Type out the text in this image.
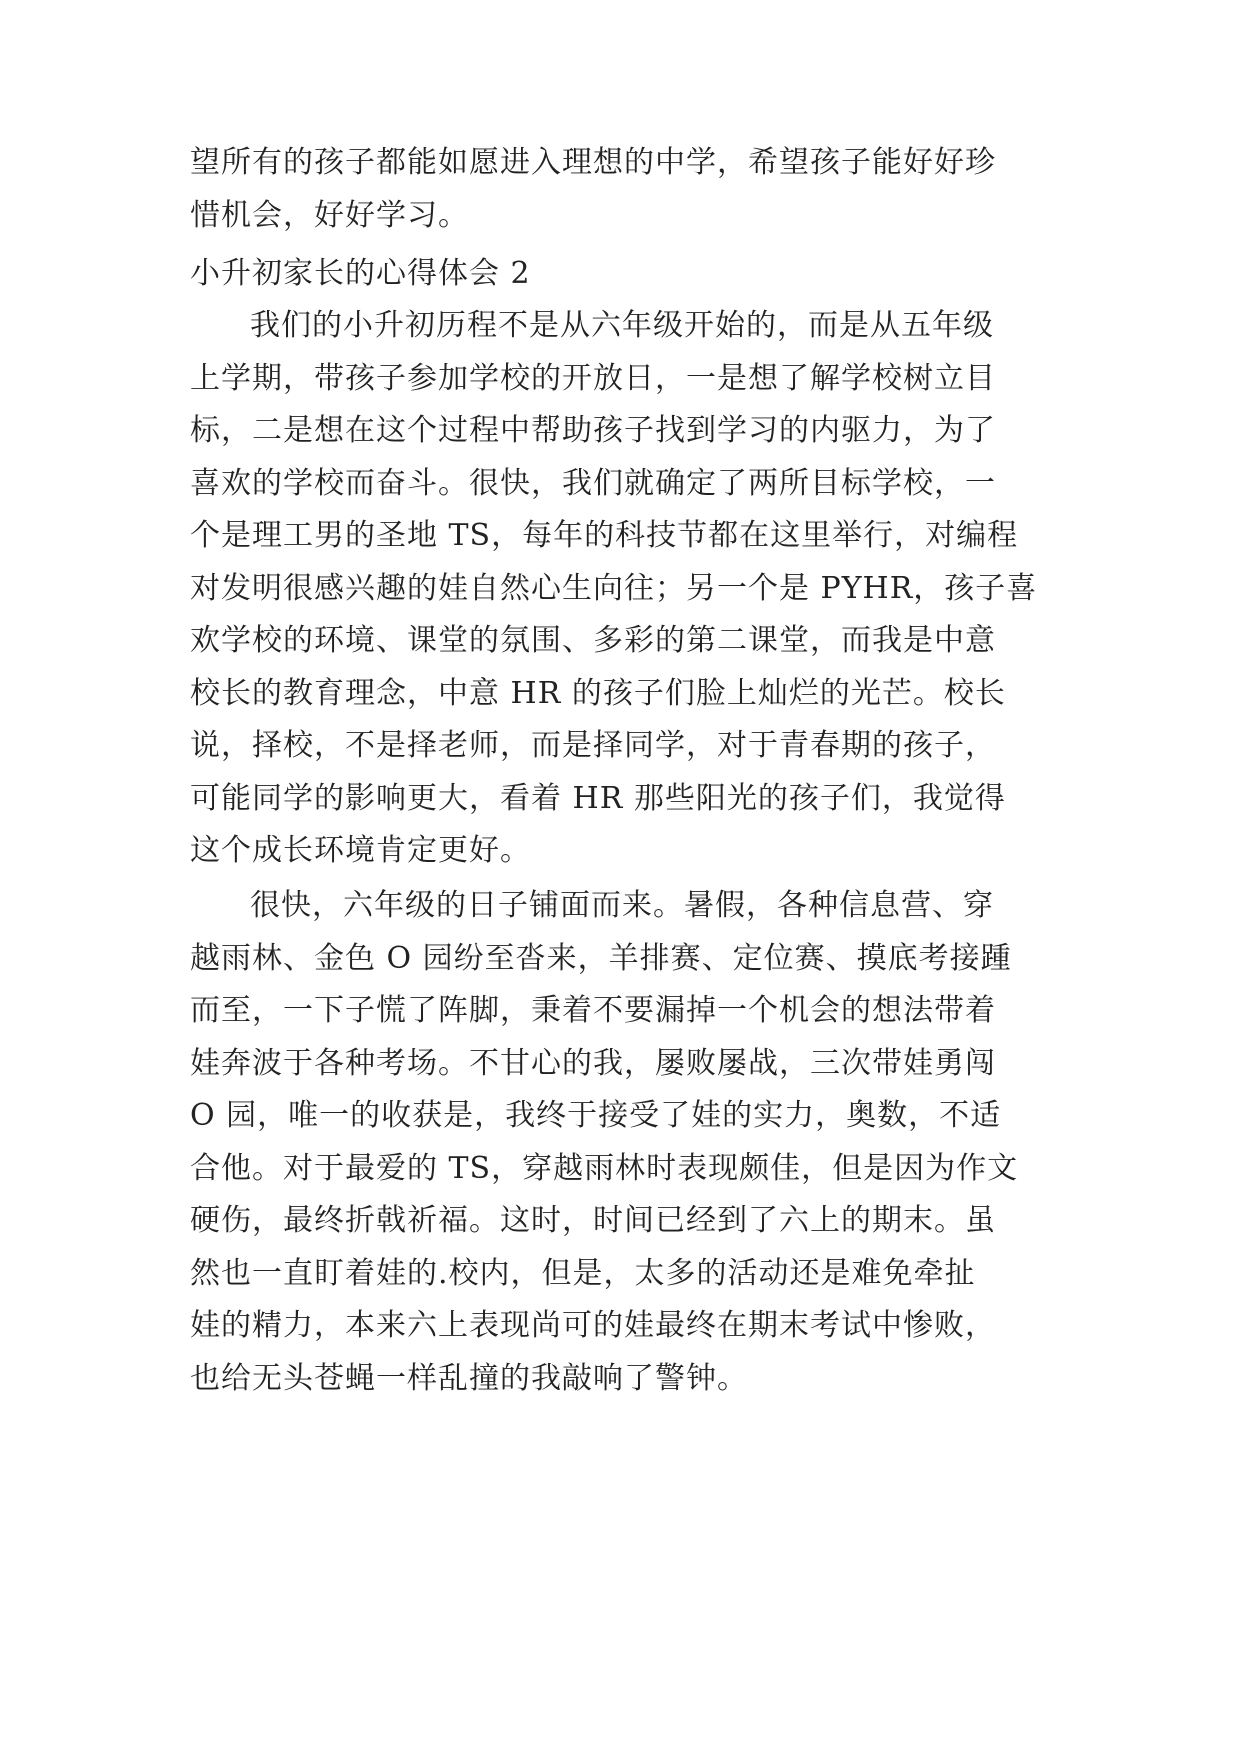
望所有的孩子都能如愿进入理想的中学，希望孩子能好好珍
惜机会，好好学习。
小升初家长的心得体会 2
我们的小升初历程不是从六年级开始的，而是从五年级
上学期，带孩子参加学校的开放日，一是想了解学校树立目
标，二是想在这个过程中帮助孩子找到学习的内驱力，为了
喜欢的学校而奋斗。很快，我们就确定了两所目标学校，一
个是理工男的圣地 TS，每年的科技节都在这里举行，对编程
对发明很感兴趣的娃自然心生向往；另一个是 PYHR，孩子喜
欢学校的环境、课堂的氛围、多彩的第二课堂，而我是中意
校长的教育理念，中意 HR 的孩子们脸上灿烂的光芒。校长
说，择校，不是择老师，而是择同学，对于青春期的孩子，
可能同学的影响更大，看着 HR 那些阳光的孩子们，我觉得
这个成长环境肯定更好。
很快，六年级的日子铺面而来。暑假，各种信息营、穿
越雨林、金色 O 园纷至沓来，羊排赛、定位赛、摸底考接踵
而至，一下子慌了阵脚，秉着不要漏掉一个机会的想法带着
娃奔波于各种考场。不甘心的我，屡败屡战，三次带娃勇闯
O 园，唯一的收获是，我终于接受了娃的实力，奥数，不适
合他。对于最爱的 TS，穿越雨林时表现颇佳，但是因为作文
硬伤，最终折戟祈福。这时，时间已经到了六上的期末。虽
然也一直盯着娃的.校内，但是，太多的活动还是难免牵扯
娃的精力，本来六上表现尚可的娃最终在期末考试中惨败，
也给无头苍蝇一样乱撞的我敲响了警钟。
